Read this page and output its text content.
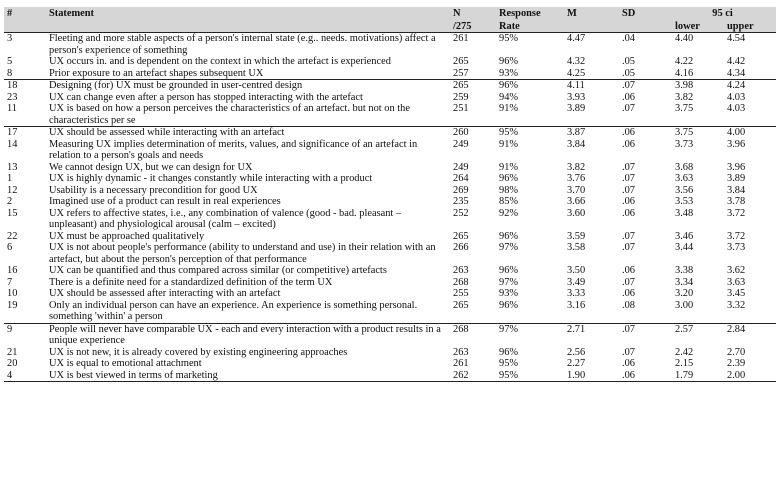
#	Statement	N	Response	M	SD	95 ci	
		/275	Rate			lower	upper
3	Fleeting and more stable aspects of a person's internal state (e.g.. needs. motivations) affect a person's experience of something	261	95%	4.47	.04	4.40	4.54
5	UX occurs in. and is dependent on the context in which the artefact is experienced	265	96%	4.32	.05	4.22	4.42
8	Prior exposure to an artefact shapes subsequent UX	257	93%	4.25	.05	4.16	4.34
18	Designing (for) UX must be grounded in user-centred design	265	96%	4.11	.07	3.98	4.24
23	UX can change even after a person has stopped interacting with the artefact	259	94%	3.93	.06	3.82	4.03
11	UX is based on how a person perceives the characteristics of an artefact. but not on the characteristics per se	251	91%	3.89	.07	3.75	4.03
17	UX should be assessed while interacting with an artefact	260	95%	3.87	.06	3.75	4.00
14	Measuring UX implies determination of merits, values, and significance of an artefact in relation to a person's goals and needs	249	91%	3.84	.06	3.73	3.96
13	We cannot design UX, but we can design for UX	249	91%	3.82	.07	3.68	3.96
1	UX is highly dynamic - it changes constantly while interacting with a product	264	96%	3.76	.07	3.63	3.89
12	Usability is a necessary precondition for good UX	269	98%	3.70	.07	3.56	3.84
2	Imagined use of a product can result in real experiences	235	85%	3.66	.06	3.53	3.78
15	UX refers to affective states, i.e., any combination of valence (good - bad. pleasant – unpleasant) and physiological arousal (calm – excited)	252	92%	3.60	.06	3.48	3.72
22	UX must be approached qualitatively	265	96%	3.59	.07	3.46	3.72
6	UX is not about people's performance (ability to understand and use) in their relation with an artefact, but about the person's perception of that performance	266	97%	3.58	.07	3.44	3.73
16	UX can be quantified and thus compared across similar (or competitive) artefacts	263	96%	3.50	.06	3.38	3.62
7	There is a definite need for a standardized definition of the term UX	268	97%	3.49	.07	3.34	3.63
10	UX should be assessed after interacting with an artefact	255	93%	3.33	.06	3.20	3.45
19	Only an individual person can have an experience. An experience is something personal. something 'within' a person	265	96%	3.16	.08	3.00	3.32
9	People will never have comparable UX - each and every interaction with a product results in a unique experience	268	97%	2.71	.07	2.57	2.84
21	UX is not new, it is already covered by existing engineering approaches	263	96%	2.56	.07	2.42	2.70
20	UX is equal to emotional attachment	261	95%	2.27	.06	2.15	2.39
4	UX is best viewed in terms of marketing	262	95%	1.90	.06	1.79	2.00
